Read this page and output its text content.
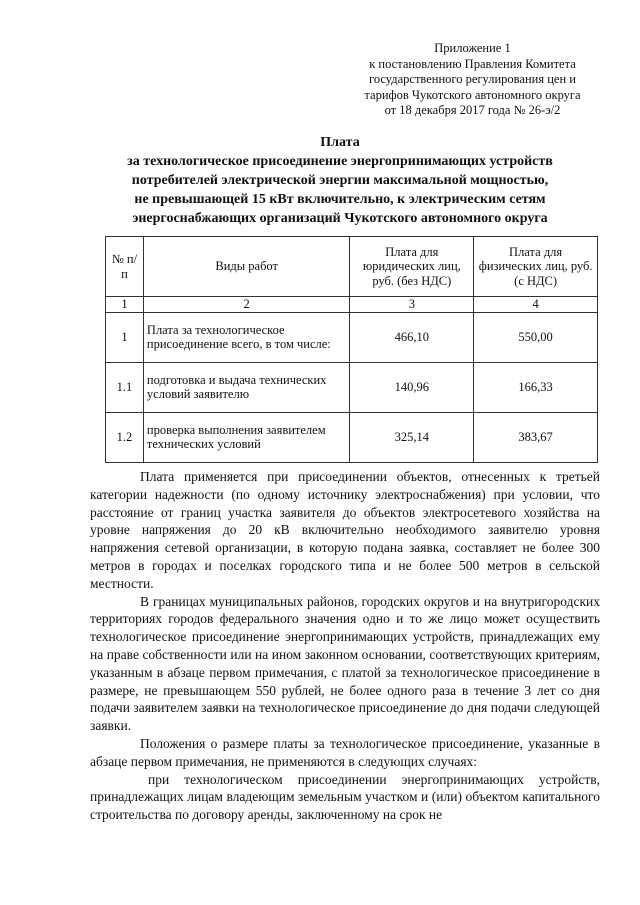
Приложение 1
к постановлению Правления Комитета
государственного регулирования цен и
тарифов Чукотского автономного округа
от 18 декабря 2017 года № 26-э/2
Плата
за технологическое присоединение энергопринимающих устройств
потребителей электрической энергии максимальной мощностью,
не превышающей 15 кВт включительно, к электрическим сетям
энергоснабжающих организаций Чукотского автономного округа
№ п/п	Виды работ	Плата для юридических лиц, руб. (без НДС)	Плата для физических лиц, руб. (с НДС)
1	2	3	4
1	Плата за технологическое присоединение всего, в том числе:	466,10	550,00
1.1	подготовка и выдача технических условий заявителю	140,96	166,33
1.2	проверка выполнения заявителем технических условий	325,14	383,67

Плата применяется при присоединении объектов, отнесенных к третьей категории надежности (по одному источнику электроснабжения) при условии, что расстояние от границ участка заявителя до объектов электросетевого хозяйства на уровне напряжения до 20 кВ включительно необходимого заявителю уровня напряжения сетевой организации, в которую подана заявка, составляет не более 300 метров в городах и поселках городского типа и не более 500 метров в сельской местности.

В границах муниципальных районов, городских округов и на внутригородских территориях городов федерального значения одно и то же лицо может осуществить технологическое присоединение энергопринимающих устройств, принадлежащих ему на праве собственности или на ином законном основании, соответствующих критериям, указанным в абзаце первом примечания, с платой за технологическое присоединение в размере, не превышающем 550 рублей, не более одного раза в течение 3 лет со дня подачи заявителем заявки на технологическое присоединение до дня подачи следующей заявки.

Положения о размере платы за технологическое присоединение, указанные в абзаце первом примечания, не применяются в следующих случаях:

при технологическом присоединении энергопринимающих устройств, принадлежащих лицам владеющим земельным участком и (или) объектом капитального строительства по договору аренды, заключенному на срок не
